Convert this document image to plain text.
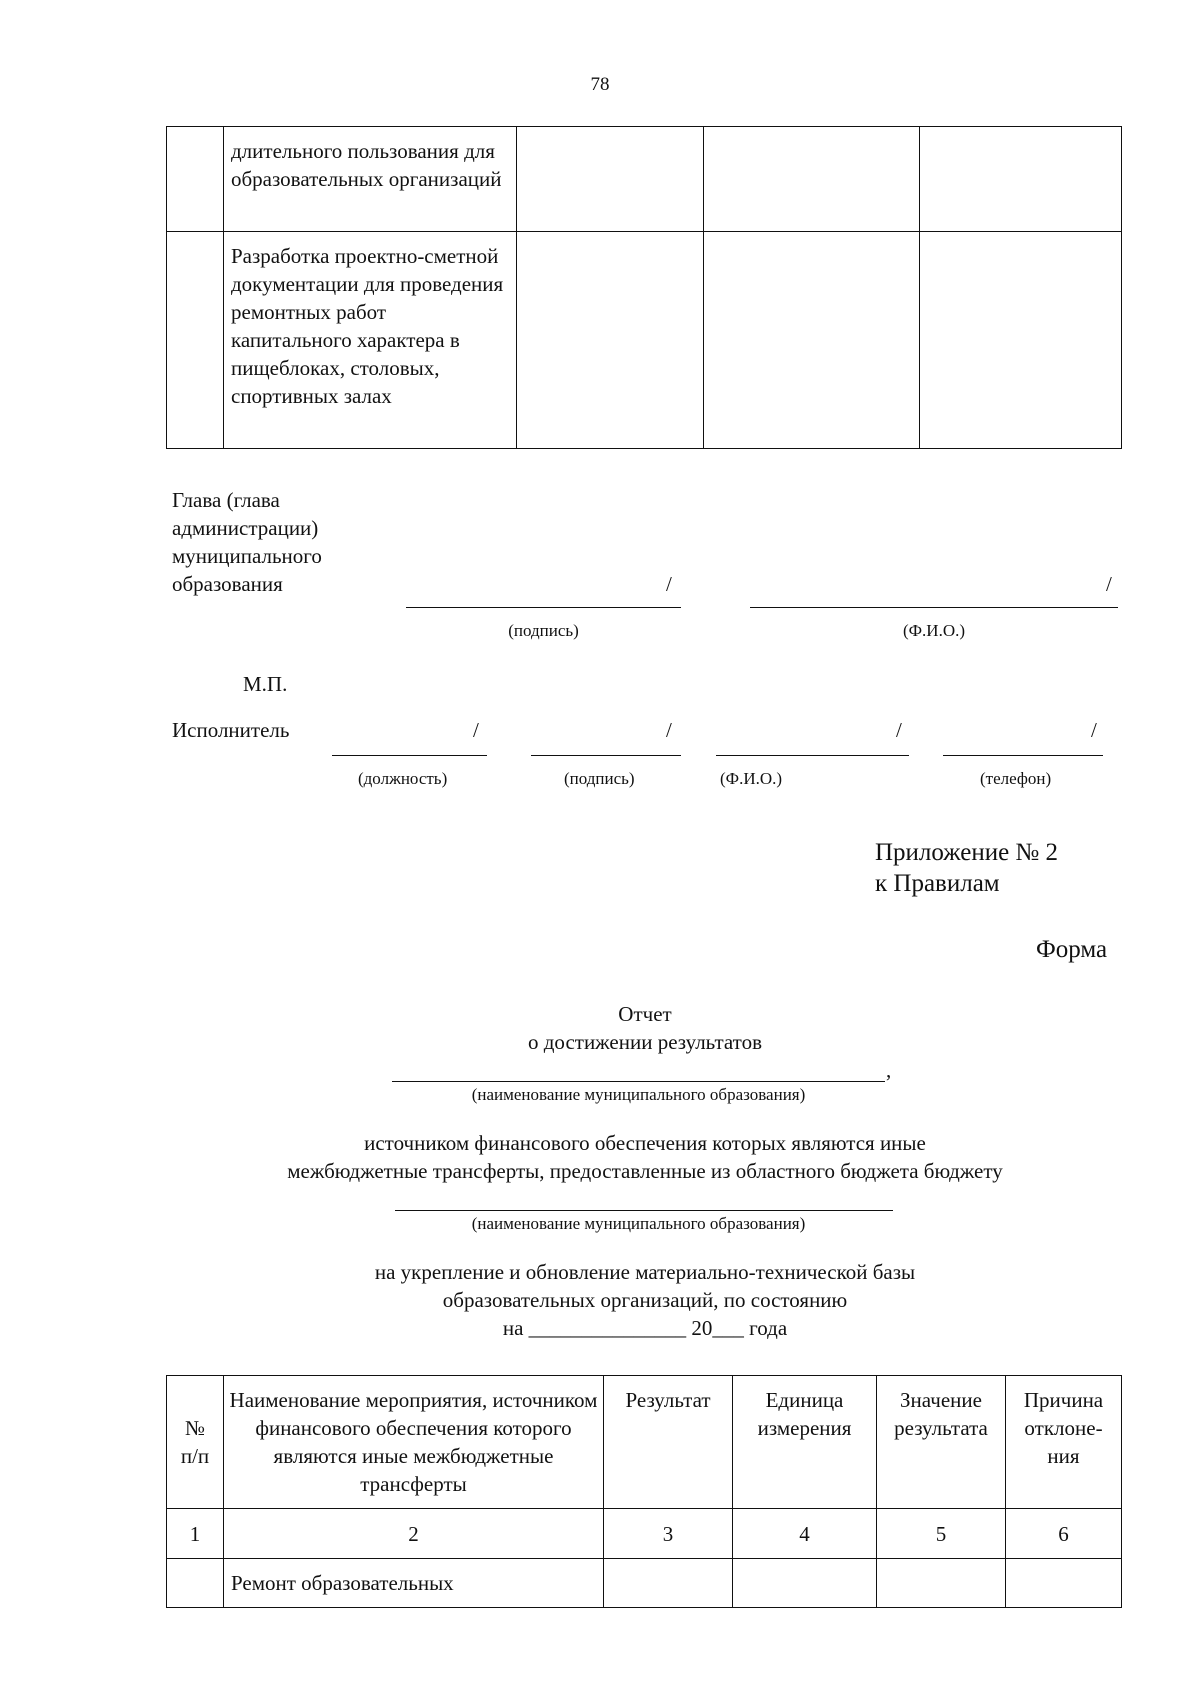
78

	длительного пользования для образовательных организаций			

	Разработка проектно-сметной документации для проведения ремонтных работ капитального характера в пищеблоках, столовых, спортивных залах			

Глава (глава
администрации)
муниципального
образования	/	/
(подпись)	(Ф.И.О.)
М.П.
Исполнитель	/	/	/	/
(должность)	(подпись)	(Ф.И.О.)	(телефон)
Приложение № 2
к Правилам
Форма
Отчет
о достижении результатов
,
(наименование муниципального образования)
источником финансового обеспечения которых являются иные
межбюджетные трансферты, предоставленные из областного бюджета бюджету
(наименование муниципального образования)
на укрепление и обновление материально-технической базы
образовательных организаций, по состоянию
на _______________ 20___ года
№ п/п	Наименование мероприятия, источником финансового обеспечения которого являются иные межбюджетные трансферты	Результат	Единица измерения	Значение результата	Причина отклоне-ния

1	2	3	4	5	6

	Ремонт образовательных				
